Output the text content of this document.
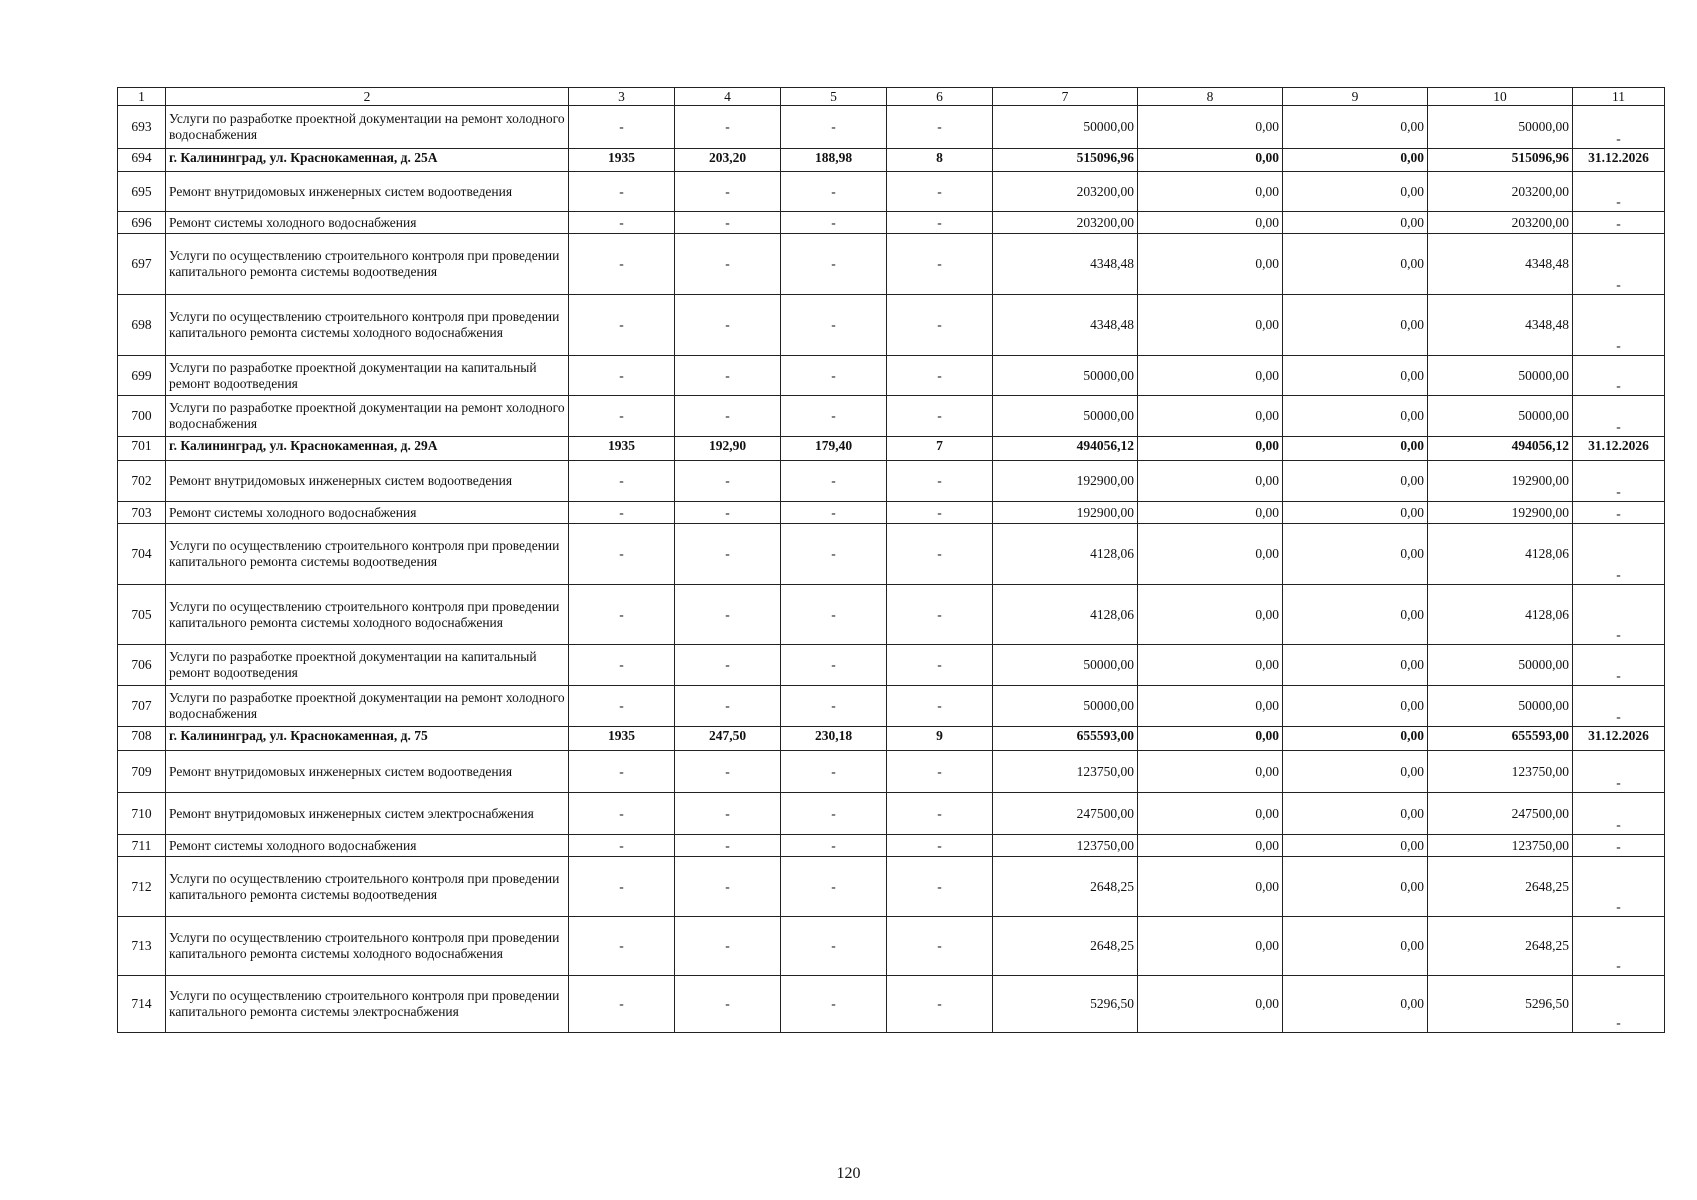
1	2	3	4	5	6	7	8	9	10	11
693	Услуги по разработке проектной документации на ремонт холодного водоснабжения	-	-	-	-	50000,00	0,00	0,00	50000,00	-
694	г. Калининград, ул. Краснокаменная, д. 25А	1935	203,20	188,98	8	515096,96	0,00	0,00	515096,96	31.12.2026
695	Ремонт внутридомовых инженерных систем водоотведения	-	-	-	-	203200,00	0,00	0,00	203200,00	-
696	Ремонт системы холодного водоснабжения	-	-	-	-	203200,00	0,00	0,00	203200,00	-
697	Услуги по осуществлению строительного контроля при проведении капитального ремонта системы водоотведения	-	-	-	-	4348,48	0,00	0,00	4348,48	-
698	Услуги по осуществлению строительного контроля при проведении капитального ремонта системы холодного водоснабжения	-	-	-	-	4348,48	0,00	0,00	4348,48	-
699	Услуги по разработке проектной документации на капитальный ремонт водоотведения	-	-	-	-	50000,00	0,00	0,00	50000,00	-
700	Услуги по разработке проектной документации на ремонт холодного водоснабжения	-	-	-	-	50000,00	0,00	0,00	50000,00	-
701	г. Калининград, ул. Краснокаменная, д. 29А	1935	192,90	179,40	7	494056,12	0,00	0,00	494056,12	31.12.2026
702	Ремонт внутридомовых инженерных систем водоотведения	-	-	-	-	192900,00	0,00	0,00	192900,00	-
703	Ремонт системы холодного водоснабжения	-	-	-	-	192900,00	0,00	0,00	192900,00	-
704	Услуги по осуществлению строительного контроля при проведении капитального ремонта системы водоотведения	-	-	-	-	4128,06	0,00	0,00	4128,06	-
705	Услуги по осуществлению строительного контроля при проведении капитального ремонта системы холодного водоснабжения	-	-	-	-	4128,06	0,00	0,00	4128,06	-
706	Услуги по разработке проектной документации на капитальный ремонт водоотведения	-	-	-	-	50000,00	0,00	0,00	50000,00	-
707	Услуги по разработке проектной документации на ремонт холодного водоснабжения	-	-	-	-	50000,00	0,00	0,00	50000,00	-
708	г. Калининград, ул. Краснокаменная, д. 75	1935	247,50	230,18	9	655593,00	0,00	0,00	655593,00	31.12.2026
709	Ремонт внутридомовых инженерных систем водоотведения	-	-	-	-	123750,00	0,00	0,00	123750,00	-
710	Ремонт внутридомовых инженерных систем электроснабжения	-	-	-	-	247500,00	0,00	0,00	247500,00	-
711	Ремонт системы холодного водоснабжения	-	-	-	-	123750,00	0,00	0,00	123750,00	-
712	Услуги по осуществлению строительного контроля при проведении капитального ремонта системы водоотведения	-	-	-	-	2648,25	0,00	0,00	2648,25	-
713	Услуги по осуществлению строительного контроля при проведении капитального ремонта системы холодного водоснабжения	-	-	-	-	2648,25	0,00	0,00	2648,25	-
714	Услуги по осуществлению строительного контроля при проведении капитального ремонта системы электроснабжения	-	-	-	-	5296,50	0,00	0,00	5296,50	-
120
